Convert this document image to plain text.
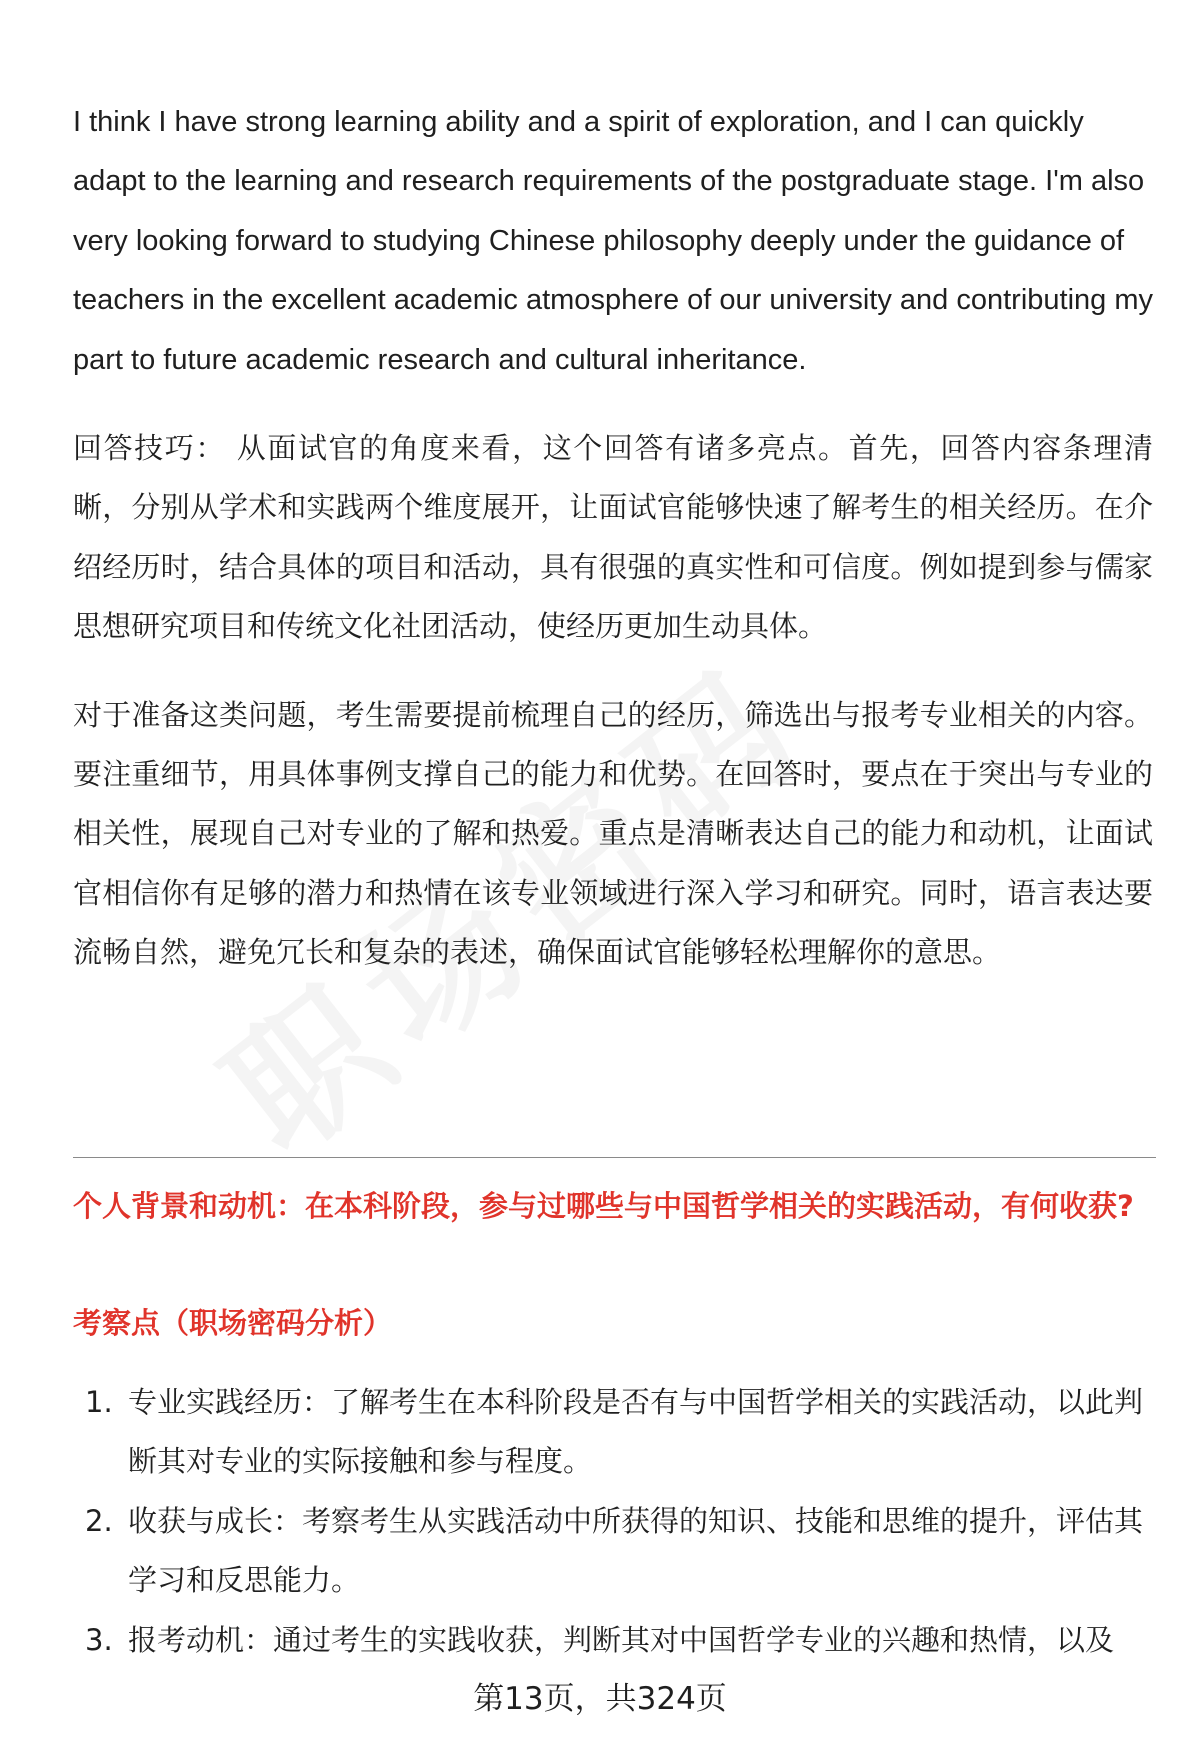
I think I have strong learning ability and a spirit of exploration, and I can quickly adapt to the learning and research requirements of the postgraduate stage. I'm also very looking forward to studying Chinese philosophy deeply under the guidance of teachers in the excellent academic atmosphere of our university and contributing my part to future academic research and cultural inheritance.

回答技巧： 从面试官的角度来看，这个回答有诸多亮点。首先，回答内容条理清晰，分别从学术和实践两个维度展开，让面试官能够快速了解考生的相关经历。在介绍经历时，结合具体的项目和活动，具有很强的真实性和可信度。例如提到参与儒家思想研究项目和传统文化社团活动，使经历更加生动具体。

对于准备这类问题，考生需要提前梳理自己的经历，筛选出与报考专业相关的内容。要注重细节，用具体事例支撑自己的能力和优势。在回答时，要点在于突出与专业的相关性，展现自己对专业的了解和热爱。重点是清晰表达自己的能力和动机，让面试官相信你有足够的潜力和热情在该专业领域进行深入学习和研究。同时，语言表达要流畅自然，避免冗长和复杂的表述，确保面试官能够轻松理解你的意思。

个人背景和动机：在本科阶段，参与过哪些与中国哲学相关的实践活动，有何收获?

考察点（职场密码分析）

1. 专业实践经历：了解考生在本科阶段是否有与中国哲学相关的实践活动，以此判断其对专业的实际接触和参与程度。
2. 收获与成长：考察考生从实践活动中所获得的知识、技能和思维的提升，评估其学习和反思能力。
3. 报考动机：通过考生的实践收获，判断其对中国哲学专业的兴趣和热情，以及
第13页，共324页
